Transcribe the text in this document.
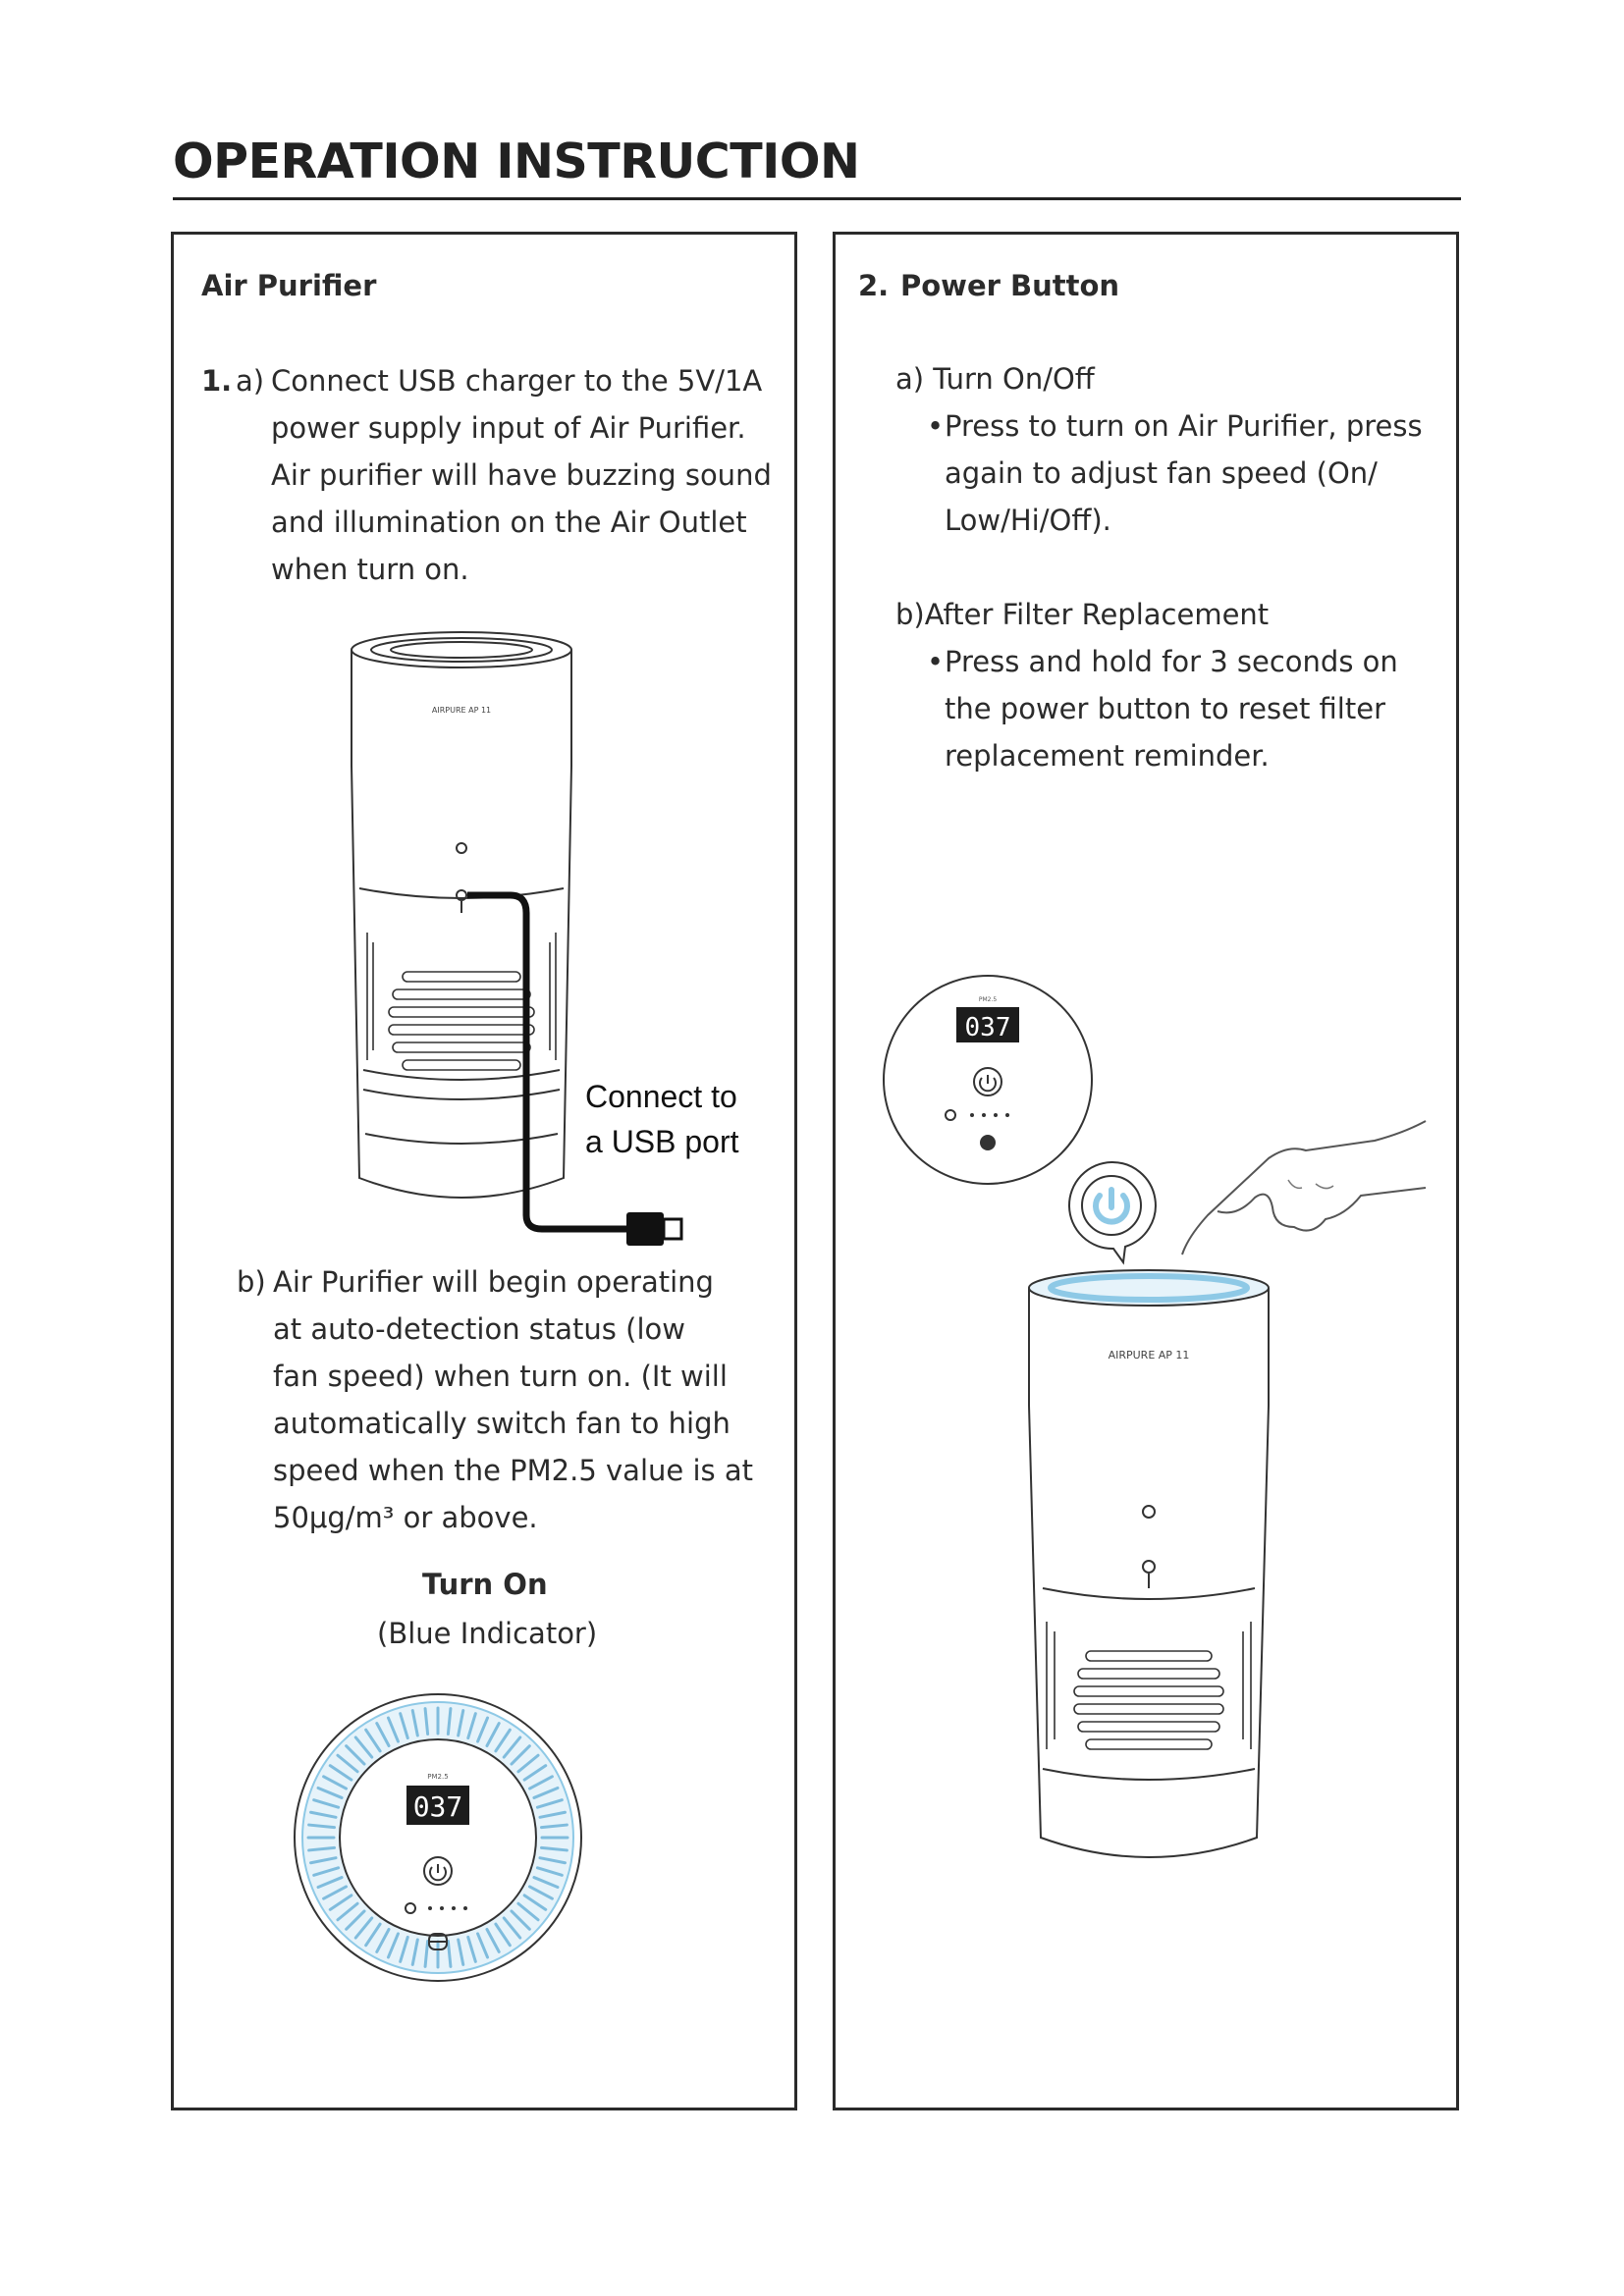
OPERATION INSTRUCTION
Air Purifier
1. a) Connect USB charger to the 5V/1A
power supply input of Air Purifier.
Air purifier will have buzzing sound
and illumination on the Air Outlet
when turn on.
AIRPURE AP 11
Connect to
a USB port
b) Air Purifier will begin operating
at auto-detection status (low
fan speed) when turn on. (It will
automatically switch fan to high
speed when the PM2.5 value is at
50μg/m³ or above.
Turn On
(Blue Indicator)
PM2.5
037
2. Power Button
a) Turn On/Off
• Press to turn on Air Purifier, press
again to adjust fan speed (On/
Low/Hi/Off).
b)After Filter Replacement
• Press and hold for 3 seconds on
the power button to reset filter
replacement reminder.
PM2.5
037
AIRPURE AP 11
